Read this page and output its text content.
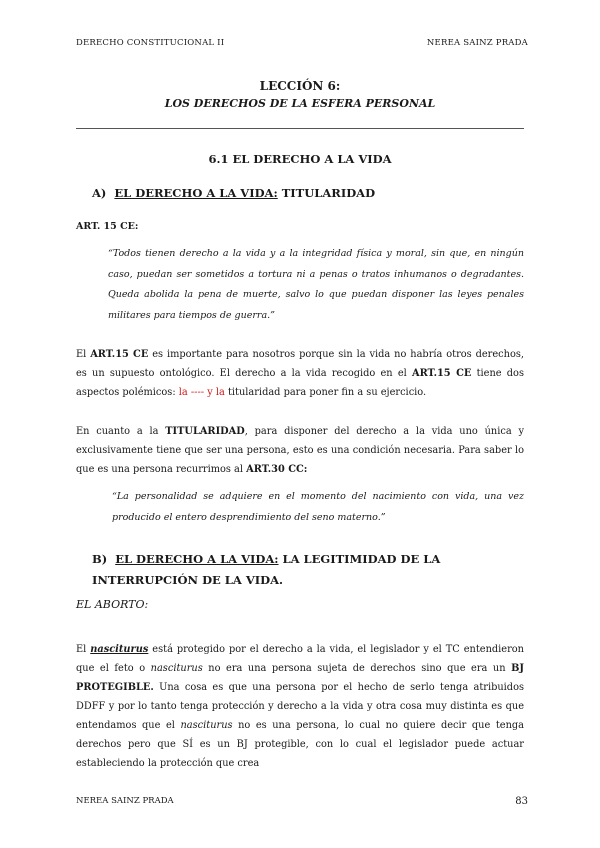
DERECHO CONSTITUCIONAL II	NEREA SAINZ PRADA
LECCIÓN 6:
LOS DERECHOS DE LA ESFERA PERSONAL
6.1 EL DERECHO A LA VIDA
A) EL DERECHO A LA VIDA: TITULARIDAD
ART. 15 CE:
“Todos tienen derecho a la vida y a la integridad física y moral, sin que, en ningún caso, puedan ser sometidos a tortura ni a penas o tratos inhumanos o degradantes. Queda abolida la pena de muerte, salvo lo que puedan disponer las leyes penales militares para tiempos de guerra.”
El ART.15 CE es importante para nosotros porque sin la vida no habría otros derechos, es un supuesto ontológico. El derecho a la vida recogido en el ART.15 CE tiene dos aspectos polémicos: la ---- y la titularidad para poner fin a su ejercicio.
En cuanto a la TITULARIDAD, para disponer del derecho a la vida uno única y exclusivamente tiene que ser una persona, esto es una condición necesaria. Para saber lo que es una persona recurrimos al ART.30 CC:
“La personalidad se adquiere en el momento del nacimiento con vida, una vez producido el entero desprendimiento del seno materno.”
B) EL DERECHO A LA VIDA: LA LEGITIMIDAD DE LA INTERRUPCIÓN DE LA VIDA.
EL ABORTO:
El nasciturus está protegido por el derecho a la vida, el legislador y el TC entendieron que el feto o nasciturus no era una persona sujeta de derechos sino que era un BJ PROTEGIBLE. Una cosa es que una persona por el hecho de serlo tenga atribuidos DDFF y por lo tanto tenga protección y derecho a la vida y otra cosa muy distinta es que entendamos que el nasciturus no es una persona, lo cual no quiere decir que tenga derechos pero que SÍ es un BJ protegible, con lo cual el legislador puede actuar estableciendo la protección que crea
NEREA SAINZ PRADA	83
